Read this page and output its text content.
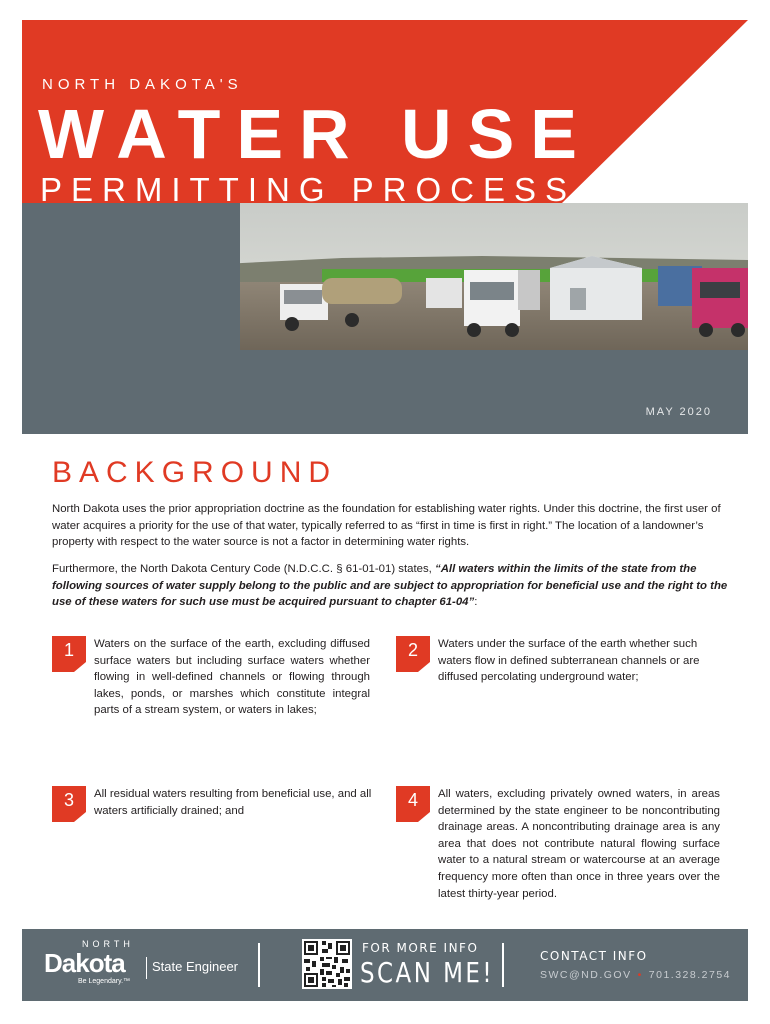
NORTH DAKOTA'S
WATER USE
PERMITTING PROCESS
MAY 2020
BACKGROUND

North Dakota uses the prior appropriation doctrine as the foundation for establishing water rights. Under this doctrine, the first user of water acquires a priority for the use of that water, typically referred to as “first in time is first in right.” The location of a landowner’s property with respect to the water source is not a factor in determining water rights.

Furthermore, the North Dakota Century Code (N.D.C.C. § 61-01-01) states, “All waters within the limits of the state from the following sources of water supply belong to the public and are subject to appropriation for beneficial use and the right to the use of these waters for such use must be acquired pursuant to chapter 61-04”:

1	Waters on the surface of the earth, excluding diffused surface waters but including surface waters whether flowing in well-defined channels or flowing through lakes, ponds, or marshes which constitute integral parts of a stream system, or waters in lakes;

2	Waters under the surface of the earth whether such waters flow in defined subterranean channels or are diffused percolating underground water;

3	All residual waters resulting from beneficial use, and all waters artificially drained; and

4	All waters, excluding privately owned waters, in areas determined by the state engineer to be noncontributing drainage areas. A noncontributing drainage area is any area that does not contribute natural flowing surface water to a natural stream or watercourse at an average frequency more often than once in three years over the latest thirty-year period.

NORTH
Dakota
Be Legendary.™
State Engineer
FOR MORE INFO
SCAN ME!	CONTACT INFO
SWC@ND.GOV • 701.328.2754
